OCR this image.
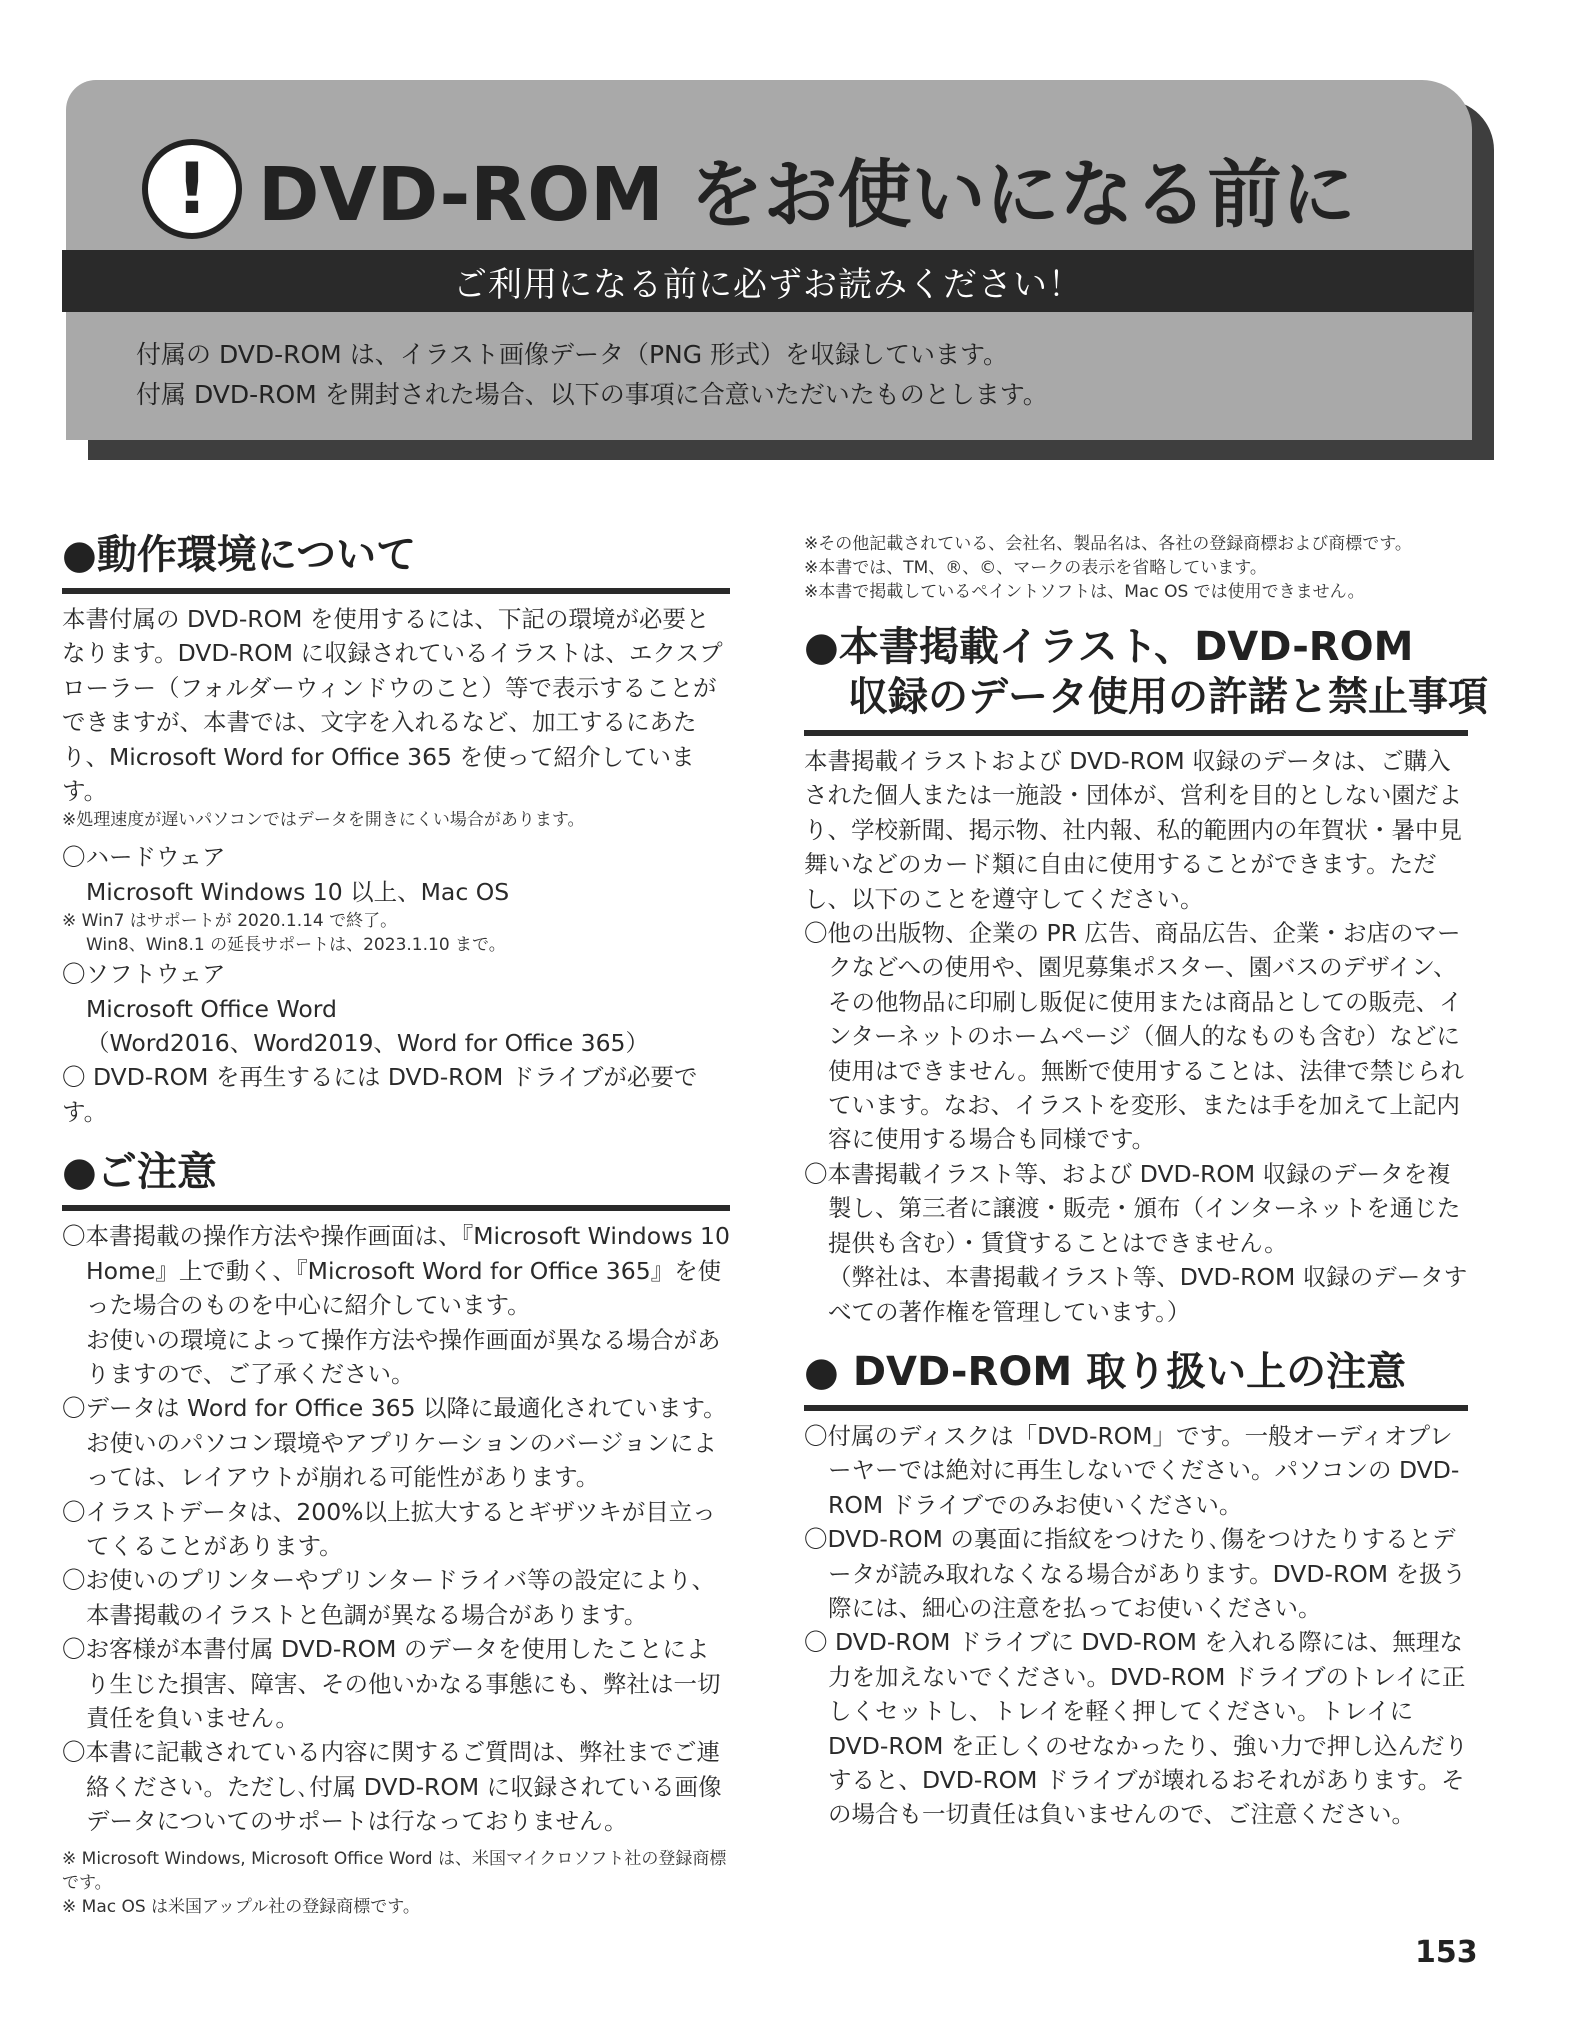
! DVD-ROM をお使いになる前に
ご利用になる前に必ずお読みください！

付属の DVD-ROM は、イラスト画像データ（PNG 形式）を収録しています。

付属 DVD-ROM を開封された場合、以下の事項に合意いただいたものとします。

●動作環境について

本書付属の DVD-ROM を使用するには、下記の環境が必要となります。DVD-ROM に収録されているイラストは、エクスプローラー（フォルダーウィンドウのこと）等で表示することができますが、本書では、文字を入れるなど、加工するにあたり、Microsoft Word for Office 365 を使って紹介しています。

※処理速度が遅いパソコンではデータを開きにくい場合があります。

〇ハードウェア

Microsoft Windows 10 以上、Mac OS

※ Win7 はサポートが 2020.1.14 で終了。

Win8、Win8.1 の延長サポートは、2023.1.10 まで。

〇ソフトウェア

Microsoft Office Word

（Word2016、Word2019、Word for Office 365）

〇 DVD-ROM を再生するには DVD-ROM ドライブが必要です。

●ご注意

〇本書掲載の操作方法や操作画面は、『Microsoft Windows 10 Home』上で動く、『Microsoft Word for Office 365』を使った場合のものを中心に紹介しています。

お使いの環境によって操作方法や操作画面が異なる場合がありますので、ご了承ください。

〇データは Word for Office 365 以降に最適化されています。お使いのパソコン環境やアプリケーションのバージョンによっては、レイアウトが崩れる可能性があります。

〇イラストデータは、200%以上拡大するとギザツキが目立ってくることがあります。

〇お使いのプリンターやプリンタードライバ等の設定により、本書掲載のイラストと色調が異なる場合があります。

〇お客様が本書付属 DVD-ROM のデータを使用したことにより生じた損害、障害、その他いかなる事態にも、弊社は一切責任を負いません。

〇本書に記載されている内容に関するご質問は、弊社までご連絡ください。ただし､付属 DVD-ROM に収録されている画像データについてのサポートは行なっておりません。

※ Microsoft Windows, Microsoft Office Word は、米国マイクロソフト社の登録商標です。

※ Mac OS は米国アップル社の登録商標です。

※その他記載されている、会社名、製品名は、各社の登録商標および商標です。

※本書では、TM、®、©、マークの表示を省略しています。

※本書で掲載しているペイントソフトは、Mac OS では使用できません。

●本書掲載イラスト、DVD-ROM
収録のデータ使用の許諾と禁止事項

本書掲載イラストおよび DVD-ROM 収録のデータは、ご購入された個人または一施設・団体が、営利を目的としない園だより、学校新聞、掲示物、社内報、私的範囲内の年賀状・暑中見舞いなどのカード類に自由に使用することができます。ただし、以下のことを遵守してください。

〇他の出版物、企業の PR 広告、商品広告、企業・お店のマークなどへの使用や、園児募集ポスター、園バスのデザイン、その他物品に印刷し販促に使用または商品としての販売、インターネットのホームページ（個人的なものも含む）などに使用はできません。無断で使用することは、法律で禁じられています。なお、イラストを変形、または手を加えて上記内容に使用する場合も同様です。

〇本書掲載イラスト等、および DVD-ROM 収録のデータを複製し、第三者に譲渡・販売・頒布（インターネットを通じた提供も含む）・賃貸することはできません。

（弊社は、本書掲載イラスト等、DVD-ROM 収録のデータすべての著作権を管理しています。）

● DVD-ROM 取り扱い上の注意

〇付属のディスクは「DVD-ROM」です。一般オーディオプレーヤーでは絶対に再生しないでください。パソコンの DVD-ROM ドライブでのみお使いください。

〇DVD-ROM の裏面に指紋をつけたり､傷をつけたりするとデータが読み取れなくなる場合があります。DVD-ROM を扱う際には、細心の注意を払ってお使いください。

〇 DVD-ROM ドライブに DVD-ROM を入れる際には、無理な力を加えないでください。DVD-ROM ドライブのトレイに正しくセットし、トレイを軽く押してください。トレイに DVD-ROM を正しくのせなかったり、強い力で押し込んだりすると、DVD-ROM ドライブが壊れるおそれがあります。その場合も一切責任は負いませんので、ご注意ください。

153
